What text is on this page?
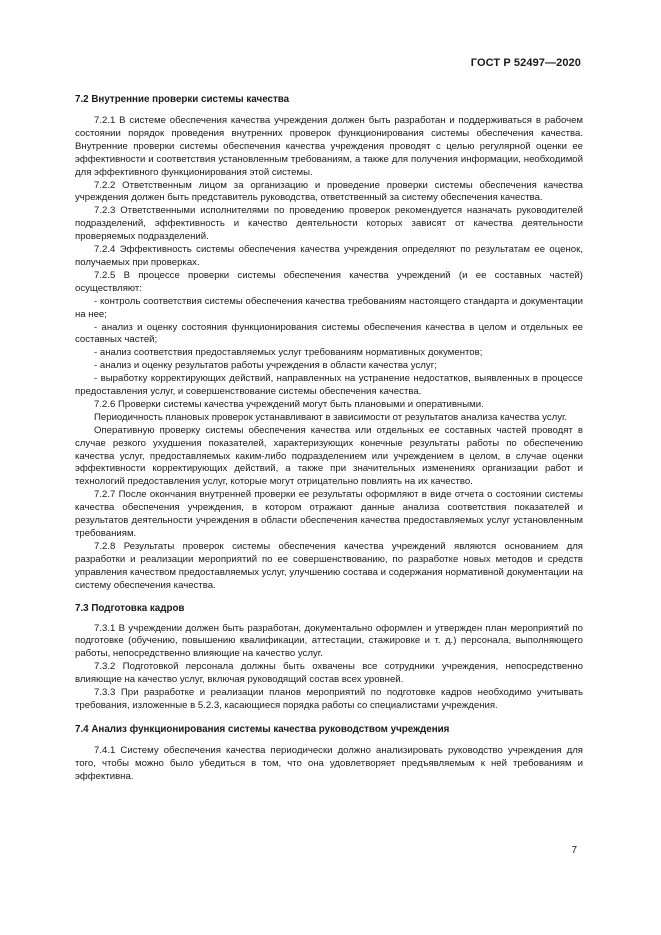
ГОСТ Р 52497—2020
7.2 Внутренние проверки системы качества

7.2.1 В системе обеспечения качества учреждения должен быть разработан и поддерживаться в рабочем состоянии порядок проведения внутренних проверок функционирования системы обеспечения качества. Внутренние проверки системы обеспечения качества учреждения проводят с целью регулярной оценки ее эффективности и соответствия установленным требованиям, а также для получения информации, необходимой для эффективного функционирования этой системы.

7.2.2 Ответственным лицом за организацию и проведение проверки системы обеспечения качества учреждения должен быть представитель руководства, ответственный за систему обеспечения качества.

7.2.3 Ответственными исполнителями по проведению проверок рекомендуется назначать руководителей подразделений, эффективность и качество деятельности которых зависят от качества деятельности проверяемых подразделений.

7.2.4 Эффективность системы обеспечения качества учреждения определяют по результатам ее оценок, получаемых при проверках.

7.2.5 В процессе проверки системы обеспечения качества учреждений (и ее составных частей) осуществляют:

- контроль соответствия системы обеспечения качества требованиям настоящего стандарта и документации на нее;

- анализ и оценку состояния функционирования системы обеспечения качества в целом и отдельных ее составных частей;

- анализ соответствия предоставляемых услуг требованиям нормативных документов;

- анализ и оценку результатов работы учреждения в области качества услуг;

- выработку корректирующих действий, направленных на устранение недостатков, выявленных в процессе предоставления услуг, и совершенствование системы обеспечения качества.

7.2.6 Проверки системы качества учреждений могут быть плановыми и оперативными.

Периодичность плановых проверок устанавливают в зависимости от результатов анализа качества услуг.

Оперативную проверку системы обеспечения качества или отдельных ее составных частей проводят в случае резкого ухудшения показателей, характеризующих конечные результаты работы по обеспечению качества услуг, предоставляемых каким-либо подразделением или учреждением в целом, в случае оценки эффективности корректирующих действий, а также при значительных изменениях организации работ и технологий предоставления услуг, которые могут отрицательно повлиять на их качество.

7.2.7 После окончания внутренней проверки ее результаты оформляют в виде отчета о состоянии системы качества обеспечения учреждения, в котором отражают данные анализа соответствия показателей и результатов деятельности учреждения в области обеспечения качества предоставляемых услуг установленным требованиям.

7.2.8 Результаты проверок системы обеспечения качества учреждений являются основанием для разработки и реализации мероприятий по ее совершенствованию, по разработке новых методов и средств управления качеством предоставляемых услуг, улучшению состава и содержания нормативной документации на систему обеспечения качества.

7.3 Подготовка кадров

7.3.1 В учреждении должен быть разработан, документально оформлен и утвержден план мероприятий по подготовке (обучению, повышению квалификации, аттестации, стажировке и т. д.) персонала, выполняющего работы, непосредственно влияющие на качество услуг.

7.3.2 Подготовкой персонала должны быть охвачены все сотрудники учреждения, непосредственно влияющие на качество услуг, включая руководящий состав всех уровней.

7.3.3 При разработке и реализации планов мероприятий по подготовке кадров необходимо учитывать требования, изложенные в 5.2.3, касающиеся порядка работы со специалистами учреждения.

7.4 Анализ функционирования системы качества руководством учреждения

7.4.1 Систему обеспечения качества периодически должно анализировать руководство учреждения для того, чтобы можно было убедиться в том, что она удовлетворяет предъявляемым к ней требованиям и эффективна.

7
